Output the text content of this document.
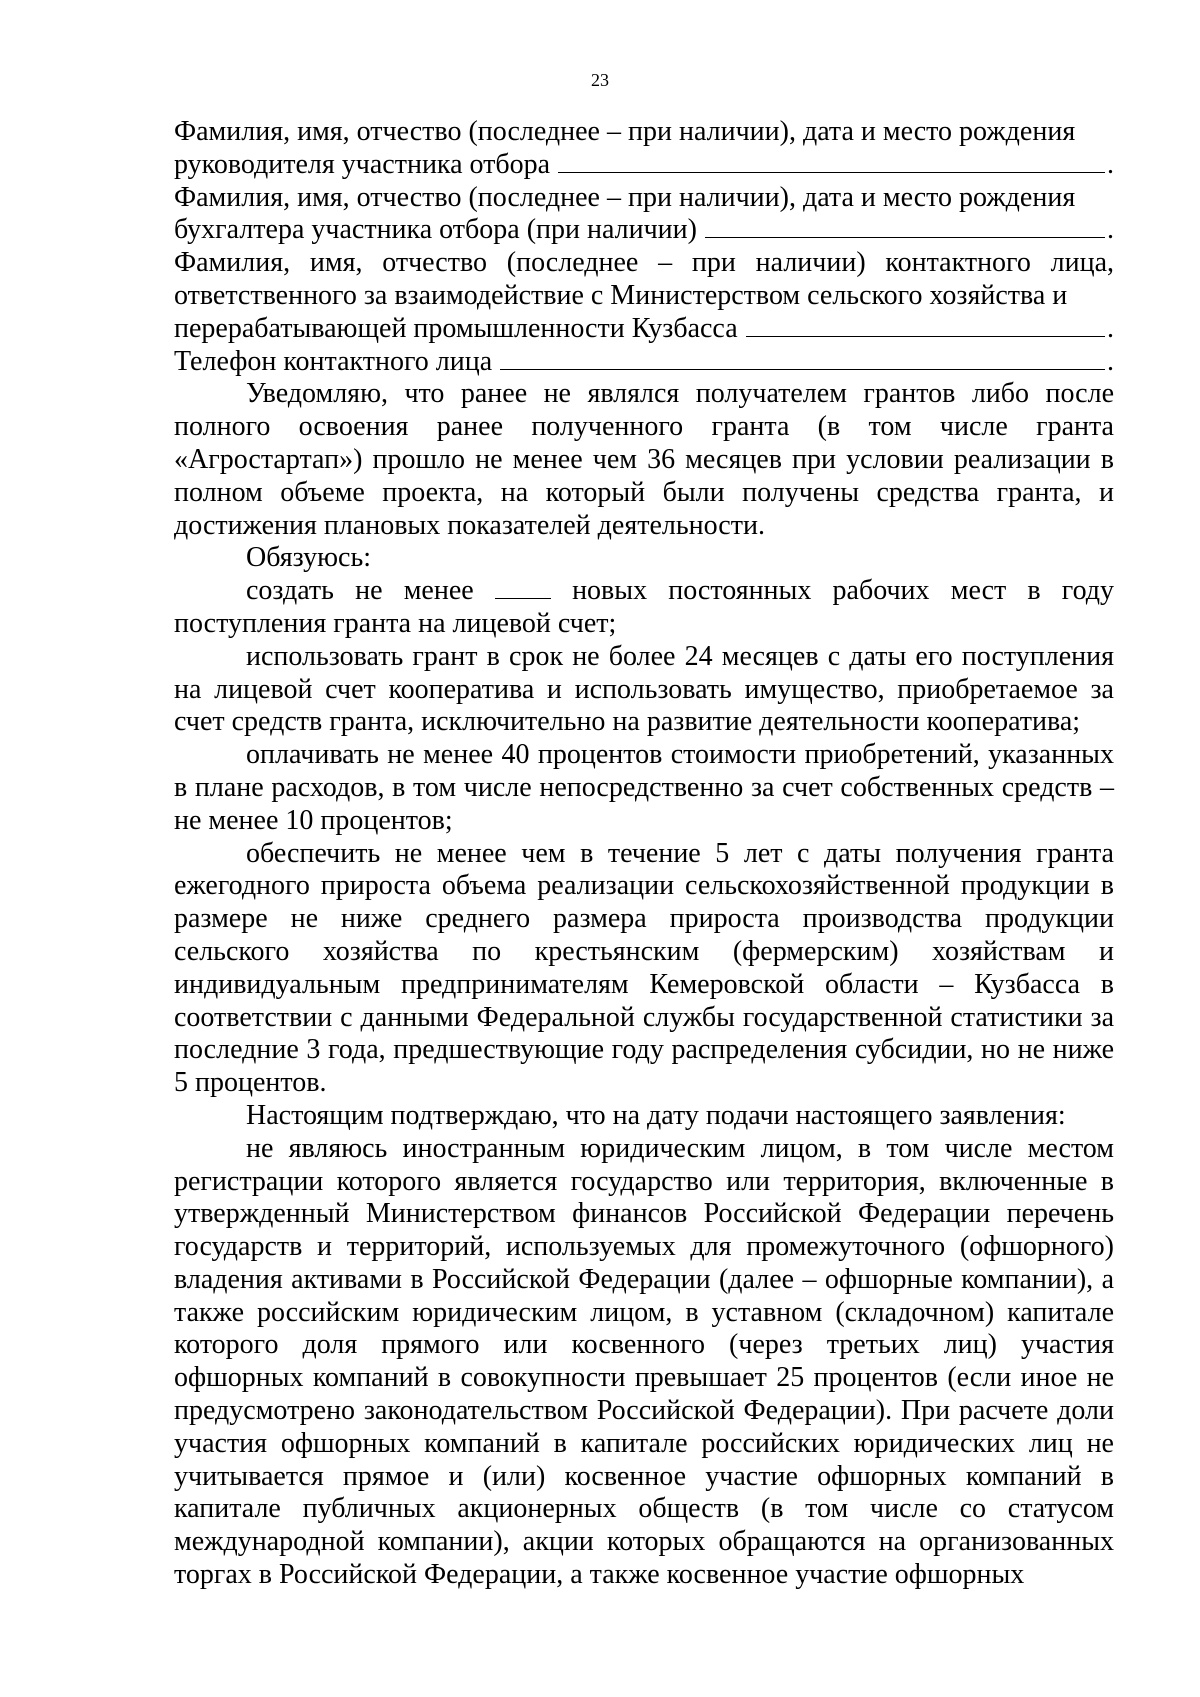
23

Фамилия, имя, отчество (последнее – при наличии), дата и место рождения

руководителя участника отбора	.

Фамилия, имя, отчество (последнее – при наличии), дата и место рождения

бухгалтера участника отбора (при наличии)	.

Фамилия, имя, отчество (последнее – при наличии) контактного лица, ответственного за взаимодействие с Министерством сельского хозяйства и

перерабатывающей промышленности Кузбасса	.
Телефон контактного лица	.

Уведомляю, что ранее не являлся получателем грантов либо после полного освоения ранее полученного гранта (в том числе гранта «Агростартап») прошло не менее чем 36 месяцев при условии реализации в полном объеме проекта, на который были получены средства гранта, и достижения плановых показателей деятельности.

Обязуюсь:

создать не менее	новых постоянных рабочих мест в году поступления гранта на лицевой счет;

использовать грант в срок не более 24 месяцев с даты его поступления на лицевой счет кооператива и использовать имущество, приобретаемое за счет средств гранта, исключительно на развитие деятельности кооператива;

оплачивать не менее 40 процентов стоимости приобретений, указанных в плане расходов, в том числе непосредственно за счет собственных средств – не менее 10 процентов;

обеспечить не менее чем в течение 5 лет с даты получения гранта ежегодного прироста объема реализации сельскохозяйственной продукции в размере не ниже среднего размера прироста производства продукции сельского хозяйства по крестьянским (фермерским) хозяйствам и индивидуальным предпринимателям Кемеровской области – Кузбасса в соответствии с данными Федеральной службы государственной статистики за последние 3 года, предшествующие году распределения субсидии, но не ниже 5 процентов.

Настоящим подтверждаю, что на дату подачи настоящего заявления:

не являюсь иностранным юридическим лицом, в том числе местом регистрации которого является государство или территория, включенные в утвержденный Министерством финансов Российской Федерации перечень государств и территорий, используемых для промежуточного (офшорного) владения активами в Российской Федерации (далее – офшорные компании), а также российским юридическим лицом, в уставном (складочном) капитале которого доля прямого или косвенного (через третьих лиц) участия офшорных компаний в совокупности превышает 25 процентов (если иное не предусмотрено законодательством Российской Федерации). При расчете доли участия офшорных компаний в капитале российских юридических лиц не учитывается прямое и (или) косвенное участие офшорных компаний в капитале публичных акционерных обществ (в том числе со статусом международной компании), акции которых обращаются на организованных торгах в Российской Федерации, а также косвенное участие офшорных
